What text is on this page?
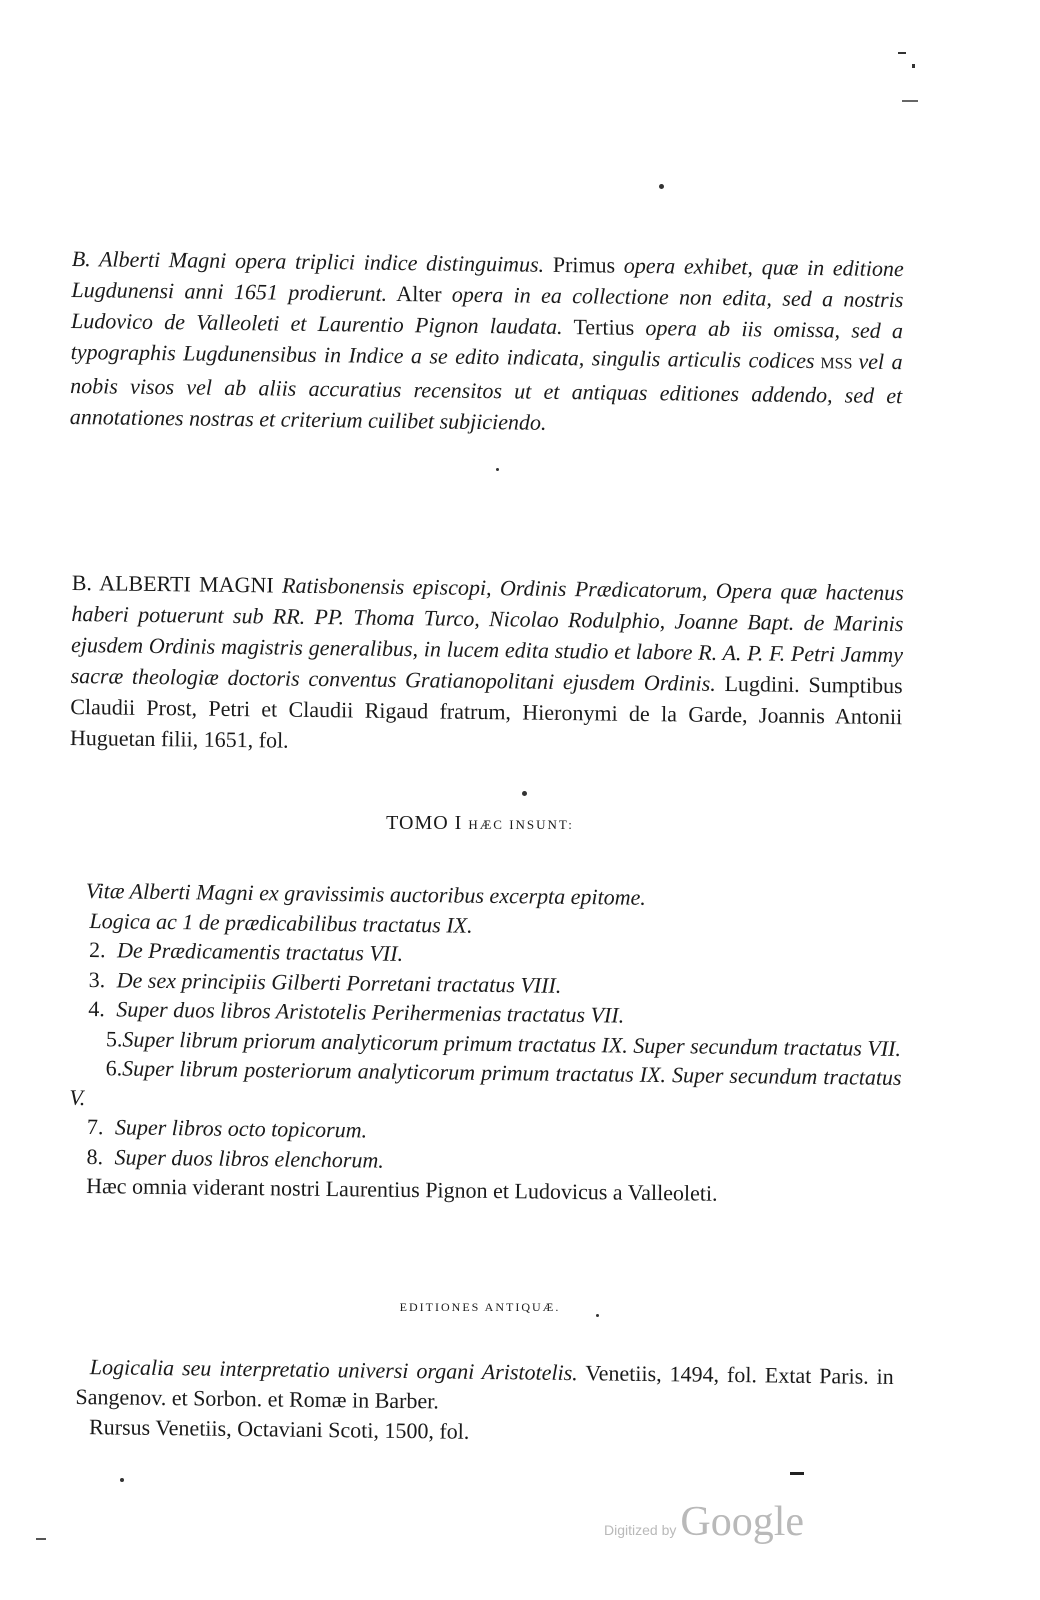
B. Alberti Magni opera triplici indice distinguimus. Primus opera exhibet, quæ in editione Lugdunensi anni 1651 prodierunt. Alter opera in ea collectione non edita, sed a nostris Ludovico de Valleoleti et Laurentio Pignon laudata. Tertius opera ab iis omissa, sed a typographis Lugdunensibus in Indice a se edito indicata, singulis articulis codices MSS vel a nobis visos vel ab aliis accuratius recensitos ut et antiquas editiones addendo, sed et annotationes nostras et criterium cuilibet subjiciendo.

B. ALBERTI MAGNI Ratisbonensis episcopi, Ordinis Prædicatorum, Opera quæ hactenus haberi potuerunt sub RR. PP. Thoma Turco, Nicolao Rodulphio, Joanne Bapt. de Marinis ejusdem Ordinis magistris generalibus, in lucem edita studio et labore R. A. P. F. Petri Jammy sacræ theologiæ doctoris conventus Gratianopolitani ejusdem Ordinis. Lugdini. Sumptibus Claudii Prost, Petri et Claudii Rigaud fratrum, Hieronymi de la Garde, Joannis Antonii Huguetan filii, 1651, fol.

TOMO I HÆC INSUNT:
Vitæ Alberti Magni ex gravissimis auctoribus excerpta epitome.
Logica ac 1 de prædicabilibus tractatus IX.
2. De Prædicamentis tractatus VII.
3. De sex principiis Gilberti Porretani tractatus VIII.
4. Super duos libros Aristotelis Perihermenias tractatus VII.
5.Super librum priorum analyticorum primum tractatus IX. Super secundum tractatus VII.
6.Super librum posteriorum analyticorum primum tractatus IX. Super secundum tractatus V.
7. Super libros octo topicorum.
8. Super duos libros elenchorum.
Hæc omnia viderant nostri Laurentius Pignon et Ludovicus a Valleoleti.
EDITIONES ANTIQUÆ.
Logicalia seu interpretatio universi organi Aristotelis. Venetiis, 1494, fol. Extat Paris. in Sangenov. et Sorbon. et Romæ in Barber.
Rursus Venetiis, Octaviani Scoti, 1500, fol.
Digitized by Google
